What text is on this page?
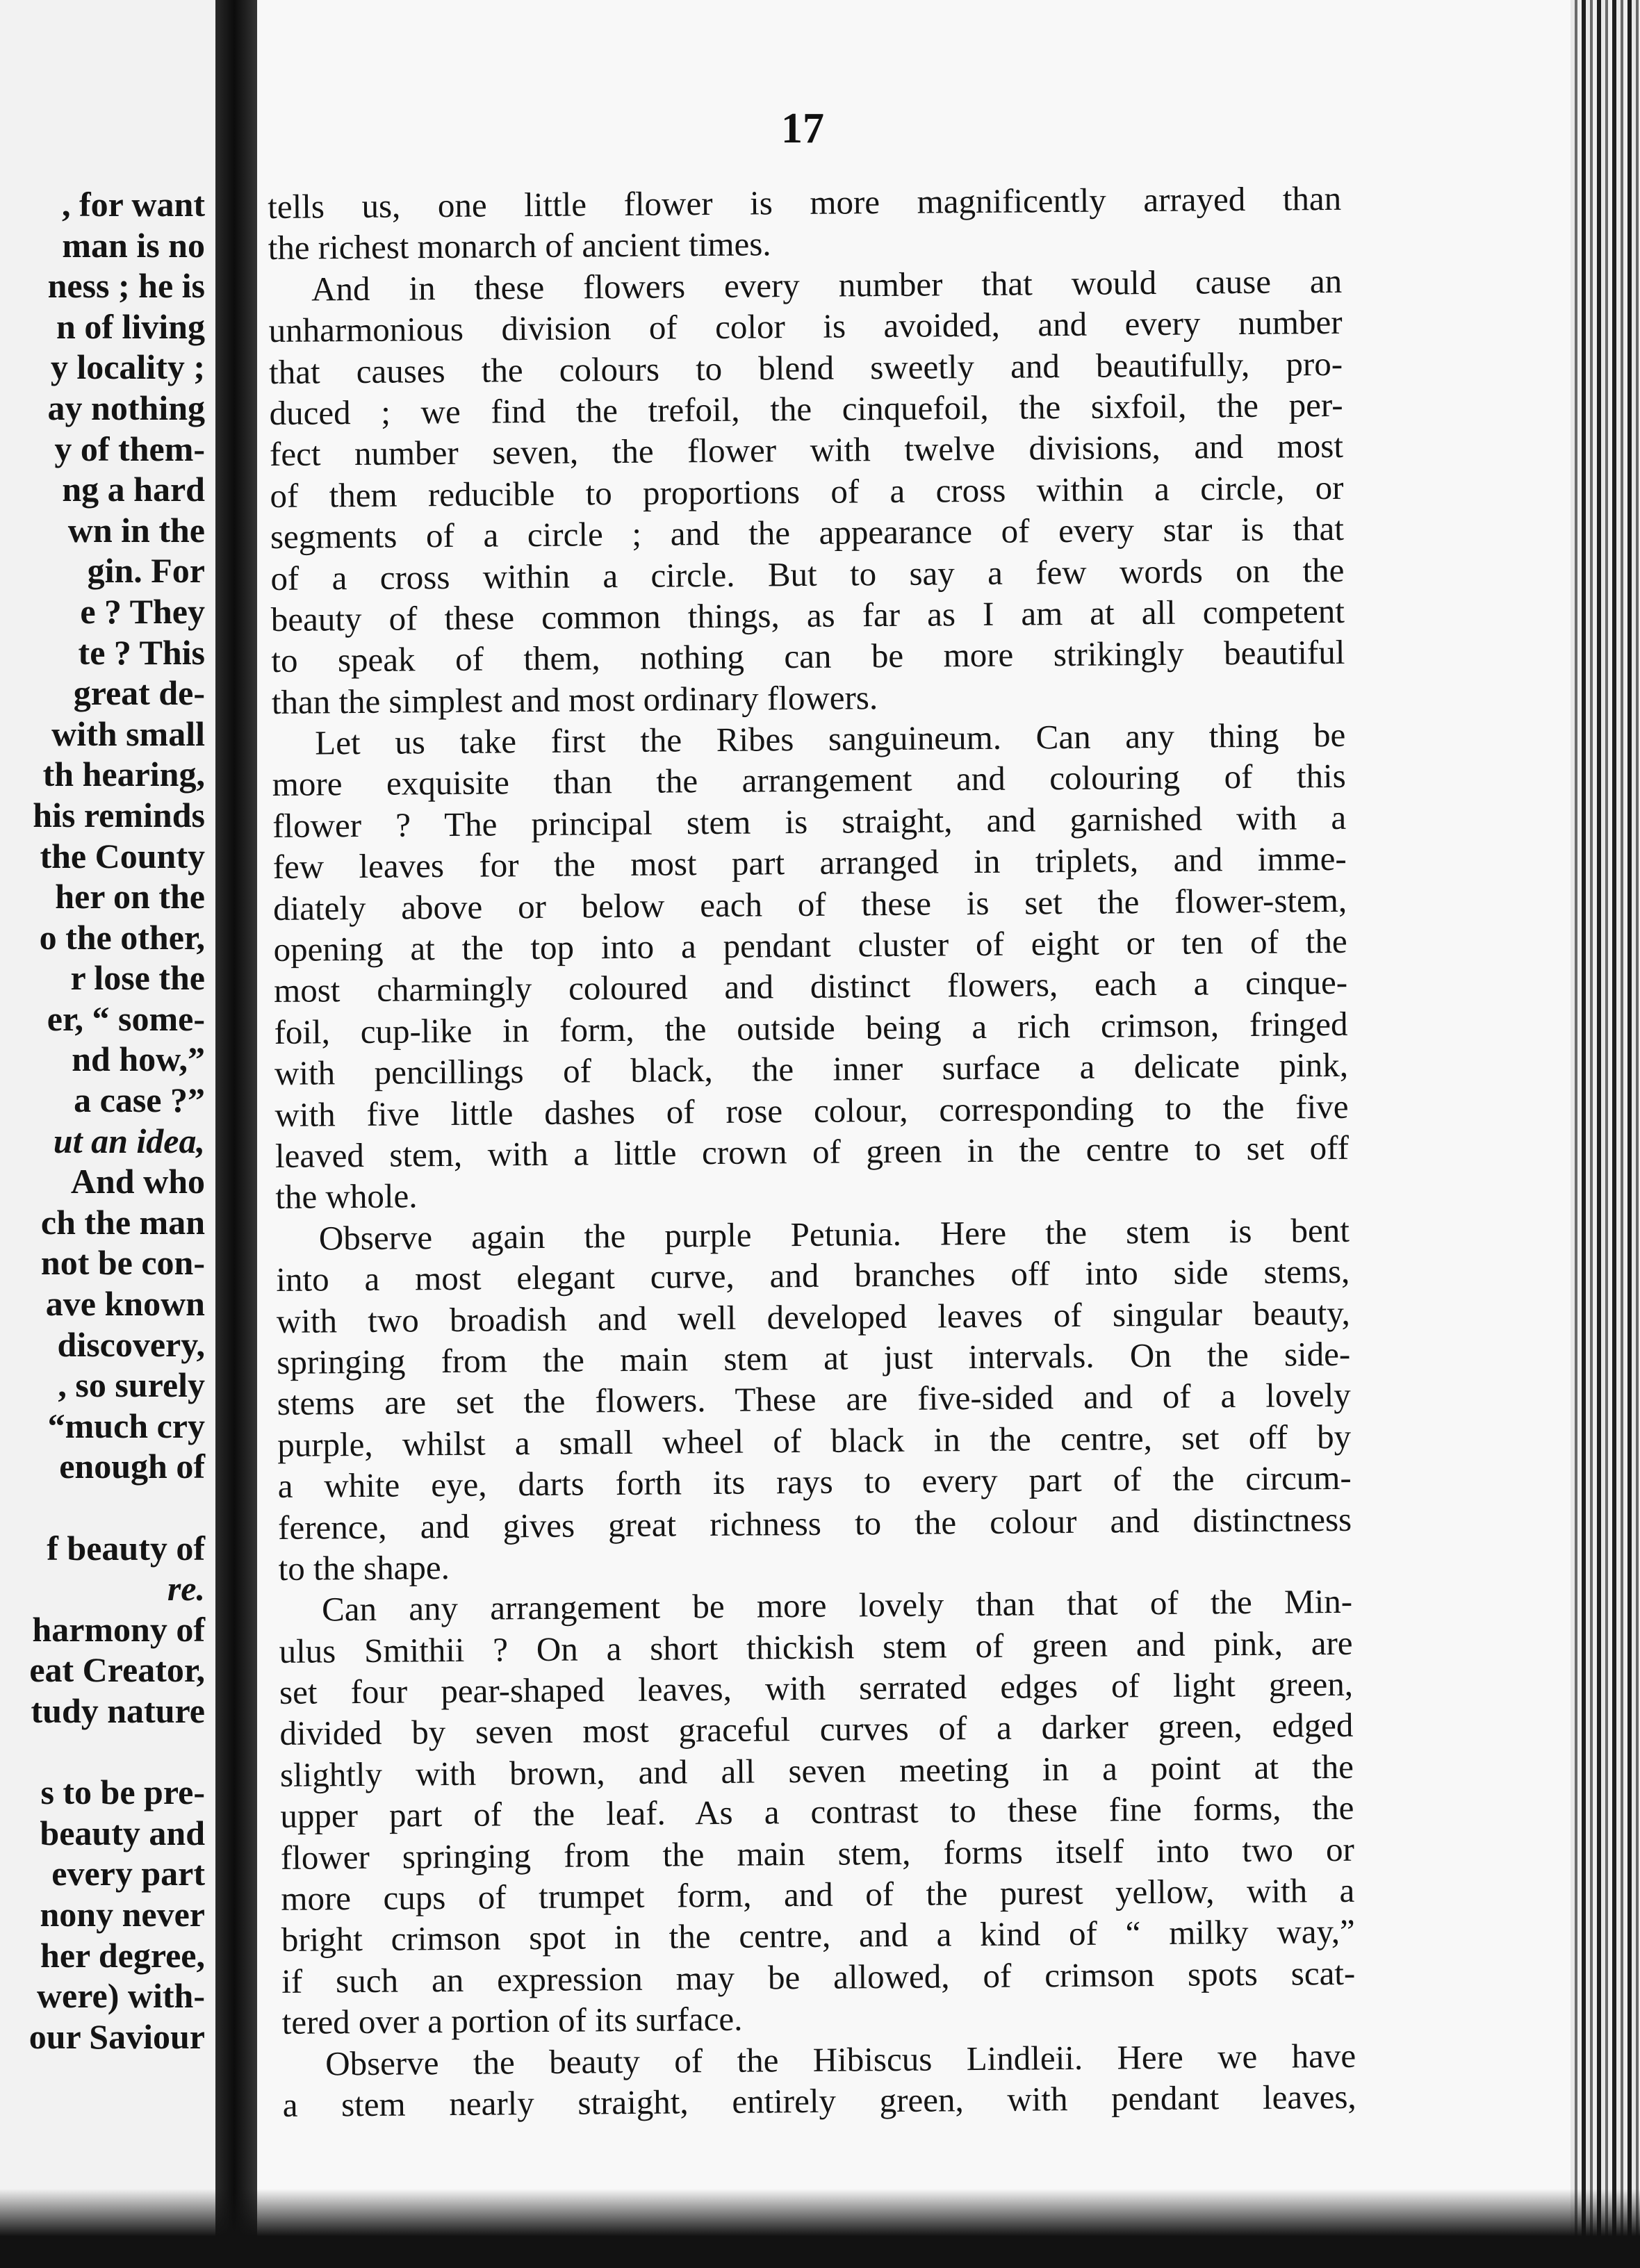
, for want
man is no
ness ; he is
n of living
y locality ;
ay nothing
y of them-
ng a hard
wn in the
gin. For
e ? They
te ? This
great de-
with small
th hearing,
his reminds
the County
her on the
o the other,
r lose the
er, “ some-
nd how,”
a case ?”
ut an idea,
And who
ch the man
not be con-
ave known
discovery,
, so surely
“much cry
enough of
f beauty of
re.
harmony of
eat Creator,
tudy nature
s to be pre-
beauty and
every part
nony never
her degree,
were) with-
our Saviour
17
tells us, one little flower is more magnificently arrayed than
the richest monarch of ancient times.
And in these flowers every number that would cause an
unharmonious division of color is avoided, and every number
that causes the colours to blend sweetly and beautifully, pro-
duced ; we find the trefoil, the cinquefoil, the sixfoil, the per-
fect number seven, the flower with twelve divisions, and most
of them reducible to proportions of a cross within a circle, or
segments of a circle ; and the appearance of every star is that
of a cross within a circle. But to say a few words on the
beauty of these common things, as far as I am at all competent
to speak of them, nothing can be more strikingly beautiful
than the simplest and most ordinary flowers.
Let us take first the Ribes sanguineum. Can any thing be
more exquisite than the arrangement and colouring of this
flower ? The principal stem is straight, and garnished with a
few leaves for the most part arranged in triplets, and imme-
diately above or below each of these is set the flower-stem,
opening at the top into a pendant cluster of eight or ten of the
most charmingly coloured and distinct flowers, each a cinque-
foil, cup-like in form, the outside being a rich crimson, fringed
with pencillings of black, the inner surface a delicate pink,
with five little dashes of rose colour, corresponding to the five
leaved stem, with a little crown of green in the centre to set off
the whole.
Observe again the purple Petunia. Here the stem is bent
into a most elegant curve, and branches off into side stems,
with two broadish and well developed leaves of singular beauty,
springing from the main stem at just intervals. On the side-
stems are set the flowers. These are five-sided and of a lovely
purple, whilst a small wheel of black in the centre, set off by
a white eye, darts forth its rays to every part of the circum-
ference, and gives great richness to the colour and distinctness
to the shape.
Can any arrangement be more lovely than that of the Min-
ulus Smithii ? On a short thickish stem of green and pink, are
set four pear-shaped leaves, with serrated edges of light green,
divided by seven most graceful curves of a darker green, edged
slightly with brown, and all seven meeting in a point at the
upper part of the leaf. As a contrast to these fine forms, the
flower springing from the main stem, forms itself into two or
more cups of trumpet form, and of the purest yellow, with a
bright crimson spot in the centre, and a kind of “ milky way,”
if such an expression may be allowed, of crimson spots scat-
tered over a portion of its surface.
Observe the beauty of the Hibiscus Lindleii. Here we have
a stem nearly straight, entirely green, with pendant leaves,
